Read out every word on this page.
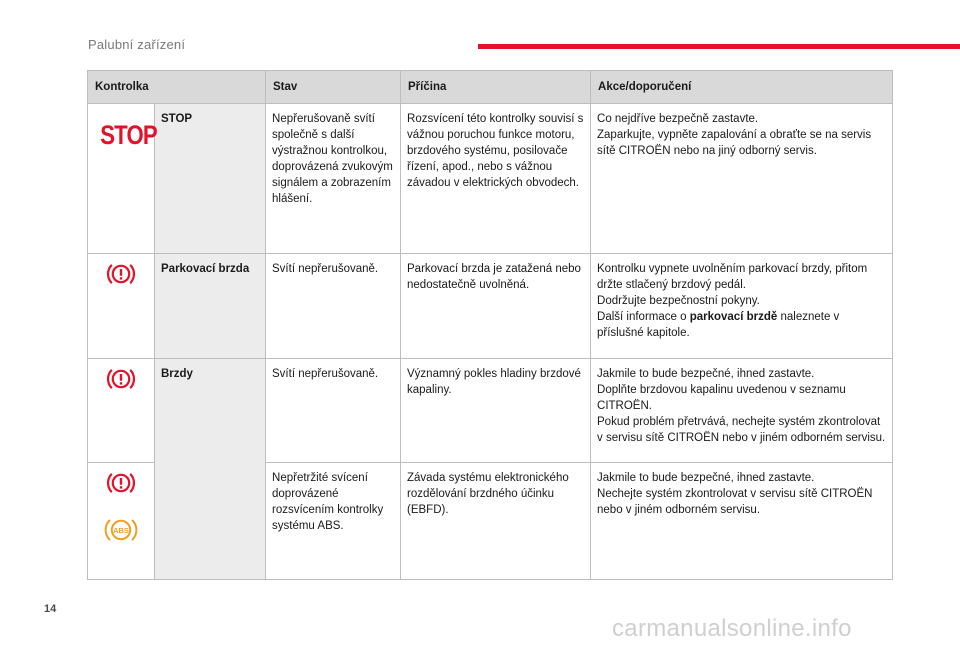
Palubní zařízení
Kontrolka		Stav	Příčina	Akce/doporučení
STOP	STOP	Nepřerušovaně svítí společně s další výstražnou kontrolkou, doprovázená zvukovým signálem a zobrazením hlášení.	Rozsvícení této kontrolky souvisí s vážnou poruchou funkce motoru, brzdového systému, posilovače řízení, apod., nebo s vážnou závadou v elektrických obvodech.	Co nejdříve bezpečně zastavte.
Zaparkujte, vypněte zapalování a obraťte se na servis sítě CITROËN nebo na jiný odborný servis.

	Parkovací brzda	Svítí nepřerušovaně.	Parkovací brzda je zatažená nebo nedostatečně uvolněná.	Kontrolku vypnete uvolněním parkovací brzdy, přitom držte stlačený brzdový pedál.
Dodržujte bezpečnostní pokyny.
Další informace o parkovací brzdě naleznete v příslušné kapitole.

	Brzdy	Svítí nepřerušovaně.	Významný pokles hladiny brzdové kapaliny.	Jakmile to bude bezpečné, ihned zastavte.
Doplňte brzdovou kapalinu uvedenou v seznamu CITROËN.
Pokud problém přetrvává, nechejte systém zkontrolovat v servisu sítě CITROËN nebo v jiném odborném servisu.

ABS		Nepřetržité svícení doprovázené rozsvícením kontrolky systému ABS.	Závada systému elektronického rozdělování brzdného účinku (EBFD).	Jakmile to bude bezpečné, ihned zastavte.
Nechejte systém zkontrolovat v servisu sítě CITROËN nebo v jiném odborném servisu.
14
carmanualsonline.info
